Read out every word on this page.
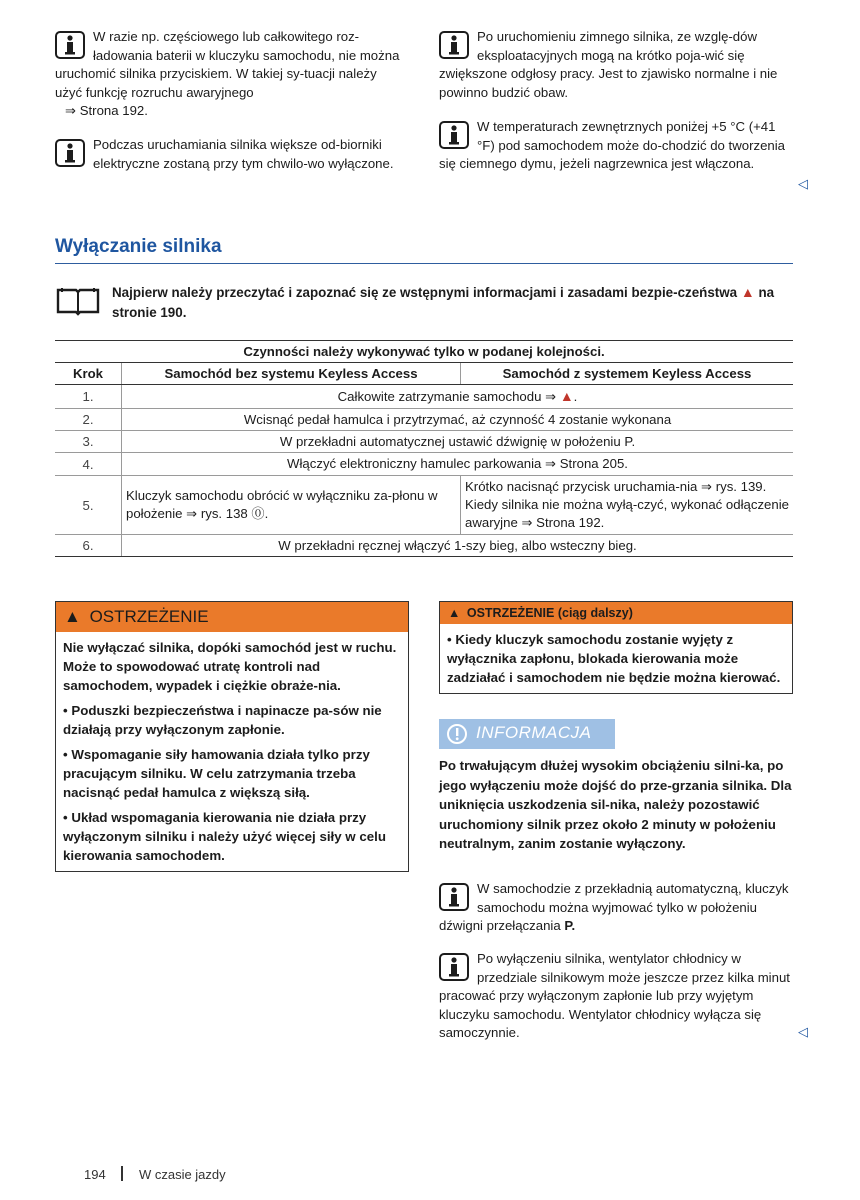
W razie np. częściowego lub całkowitego roz-ładowania baterii w kluczyku samochodu, nie można uruchomić silnika przyciskiem. W takiej sy-tuacji należy użyć funkcję rozruchu awaryjnego
⇒ Strona 192.
Podczas uruchamiania silnika większe od-biorniki elektryczne zostaną przy tym chwilo-wo wyłączone.
Po uruchomieniu zimnego silnika, ze wzglę-dów eksploatacyjnych mogą na krótko poja-wić się zwiększone odgłosy pracy. Jest to zjawisko normalne i nie powinno budzić obaw.
W temperaturach zewnętrznych poniżej +5 °C (+41 °F) pod samochodem może do-chodzić do tworzenia się ciemnego dymu, jeżeli nagrzewnica jest włączona.
◁
Wyłączanie silnika
Najpierw należy przeczytać i zapoznać się ze wstępnymi informacjami i zasadami bezpie-czeństwa ▲ na stronie 190.
Czynności należy wykonywać tylko w podanej kolejności.		
Krok	Samochód bez systemu Keyless Access	Samochód z systemem Keyless Access
1.	Całkowite zatrzymanie samochodu ⇒ ▲.	
2.	Wcisnąć pedał hamulca i przytrzymać, aż czynność 4 zostanie wykonana	
3.	W przekładni automatycznej ustawić dźwignię w położeniu P.	
4.	Włączyć elektroniczny hamulec parkowania ⇒ Strona 205.	
5.	Kluczyk samochodu obrócić w wyłączniku za-płonu w położenie ⇒ rys. 138 ⓪.	Krótko nacisnąć przycisk uruchamia-nia ⇒ rys. 139. Kiedy silnika nie można wyłą-czyć, wykonać odłączenie awaryjne ⇒ Strona 192.
6.	W przekładni ręcznej włączyć 1-szy bieg, albo wsteczny bieg.	
▲ OSTRZEŻENIE

Nie wyłączać silnika, dopóki samochód jest w ruchu. Może to spowodować utratę kontroli nad samochodem, wypadek i ciężkie obraże-nia.

• Poduszki bezpieczeństwa i napinacze pa-sów nie działają przy wyłączonym zapłonie.

• Wspomaganie siły hamowania działa tylko przy pracującym silniku. W celu zatrzymania trzeba nacisnąć pedał hamulca z większą siłą.

• Układ wspomagania kierowania nie działa przy wyłączonym silniku i należy użyć więcej siły w celu kierowania samochodem.

▲ OSTRZEŻENIE (ciąg dalszy)

• Kiedy kluczyk samochodu zostanie wyjęty z wyłącznika zapłonu, blokada kierowania może zadziałać i samochodem nie będzie można kierować.

INFORMACJA
Po trwałującym dłużej wysokim obciążeniu silni-ka, po jego wyłączeniu może dojść do prze-grzania silnika. Dla uniknięcia uszkodzenia sil-nika, należy pozostawić uruchomiony silnik przez około 2 minuty w położeniu neutralnym, zanim zostanie wyłączony.
W samochodzie z przekładnią automatyczną, kluczyk samochodu można wyjmować tylko w położeniu dźwigni przełączania P.
Po wyłączeniu silnika, wentylator chłodnicy w przedziale silnikowym może jeszcze przez kilka minut pracować przy wyłączonym zapłonie lub przy wyjętym kluczyku samochodu. Wentylator chłodnicy wyłącza się samoczynnie.	◁
194	W czasie jazdy
